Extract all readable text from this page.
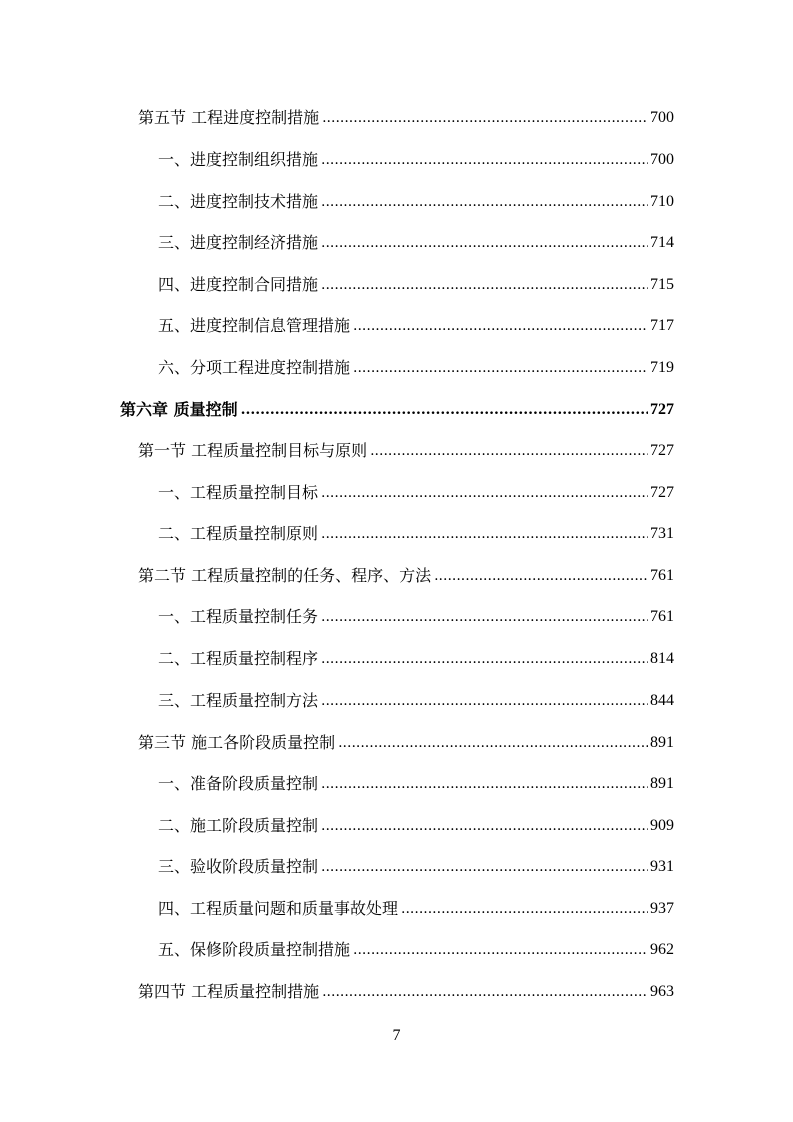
第五节 工程进度控制措施 .....	700
一、进度控制组织措施 .....	700
二、进度控制技术措施 .....	710
三、进度控制经济措施 .....	714
四、进度控制合同措施 .....	715
五、进度控制信息管理措施 .....	717
六、分项工程进度控制措施 .....	719
第六章 质量控制 .....	727
第一节 工程质量控制目标与原则 .....	727
一、工程质量控制目标 .....	727
二、工程质量控制原则 .....	731
第二节 工程质量控制的任务、程序、方法 .....	761
一、工程质量控制任务 .....	761
二、工程质量控制程序 .....	814
三、工程质量控制方法 .....	844
第三节 施工各阶段质量控制 .....	891
一、准备阶段质量控制 .....	891
二、施工阶段质量控制 .....	909
三、验收阶段质量控制 .....	931
四、工程质量问题和质量事故处理 .....	937
五、保修阶段质量控制措施 .....	962
第四节 工程质量控制措施 .....	963
7
